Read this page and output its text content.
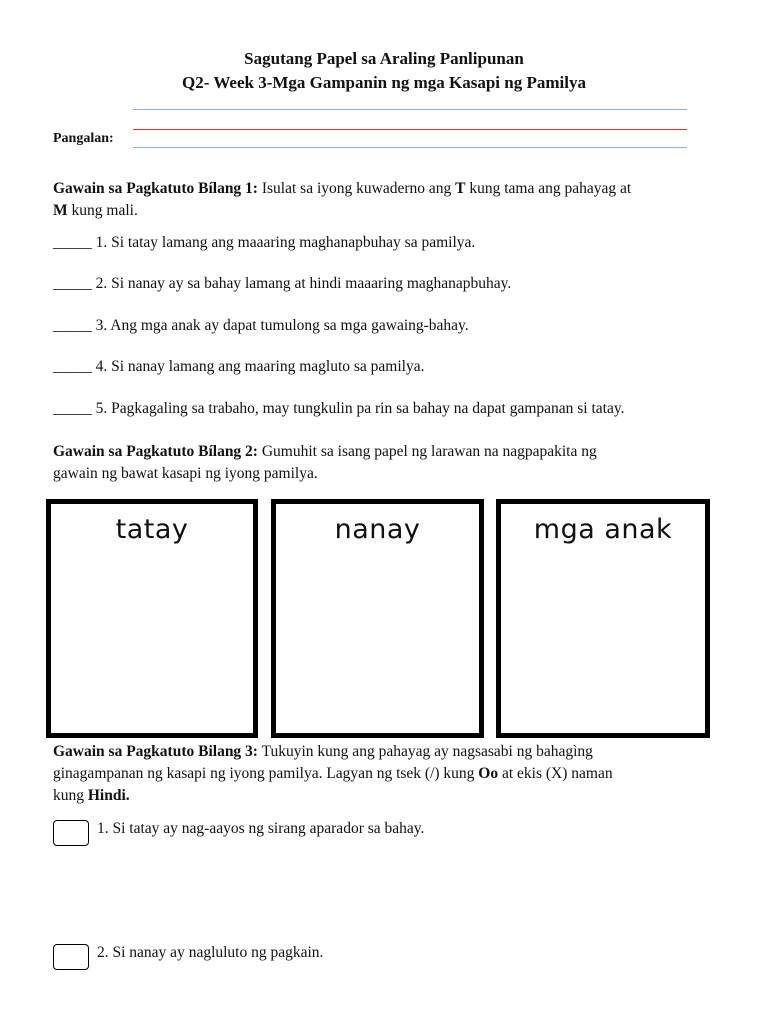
Sagutang Papel sa Araling Panlipunan
Q2- Week 3-Mga Gampanin ng mga Kasapi ng Pamilya
Pangalan:
Gawain sa Pagkatuto Bílang 1: Isulat sa iyong kuwaderno ang T kung tama ang pahayag at
M kung mali.
_____ 1. Si tatay lamang ang maaaring maghanapbuhay sa pamilya.
_____ 2. Si nanay ay sa bahay lamang at hindi maaaring maghanapbuhay.
_____ 3. Ang mga anak ay dapat tumulong sa mga gawaing-bahay.
_____ 4. Si nanay lamang ang maaring magluto sa pamilya.
_____ 5. Pagkagaling sa trabaho, may tungkulin pa rin sa bahay na dapat gampanan si tatay.
Gawain sa Pagkatuto Bílang 2: Gumuhit sa isang papel ng larawan na nagpapakita ng
gawain ng bawat kasapi ng iyong pamilya.
tatay	nanay	mga anak
Gawain sa Pagkatuto Bilang 3: Tukuyin kung ang pahayag ay nagsasabi ng bahagìng
ginagampanan ng kasapi ng iyong pamilya. Lagyan ng tsek (/) kung Oo at ekis (X) naman
kung Hindi.
1. Si tatay ay nag-aayos ng sirang aparador sa bahay.
2. Si nanay ay nagluluto ng pagkain.
